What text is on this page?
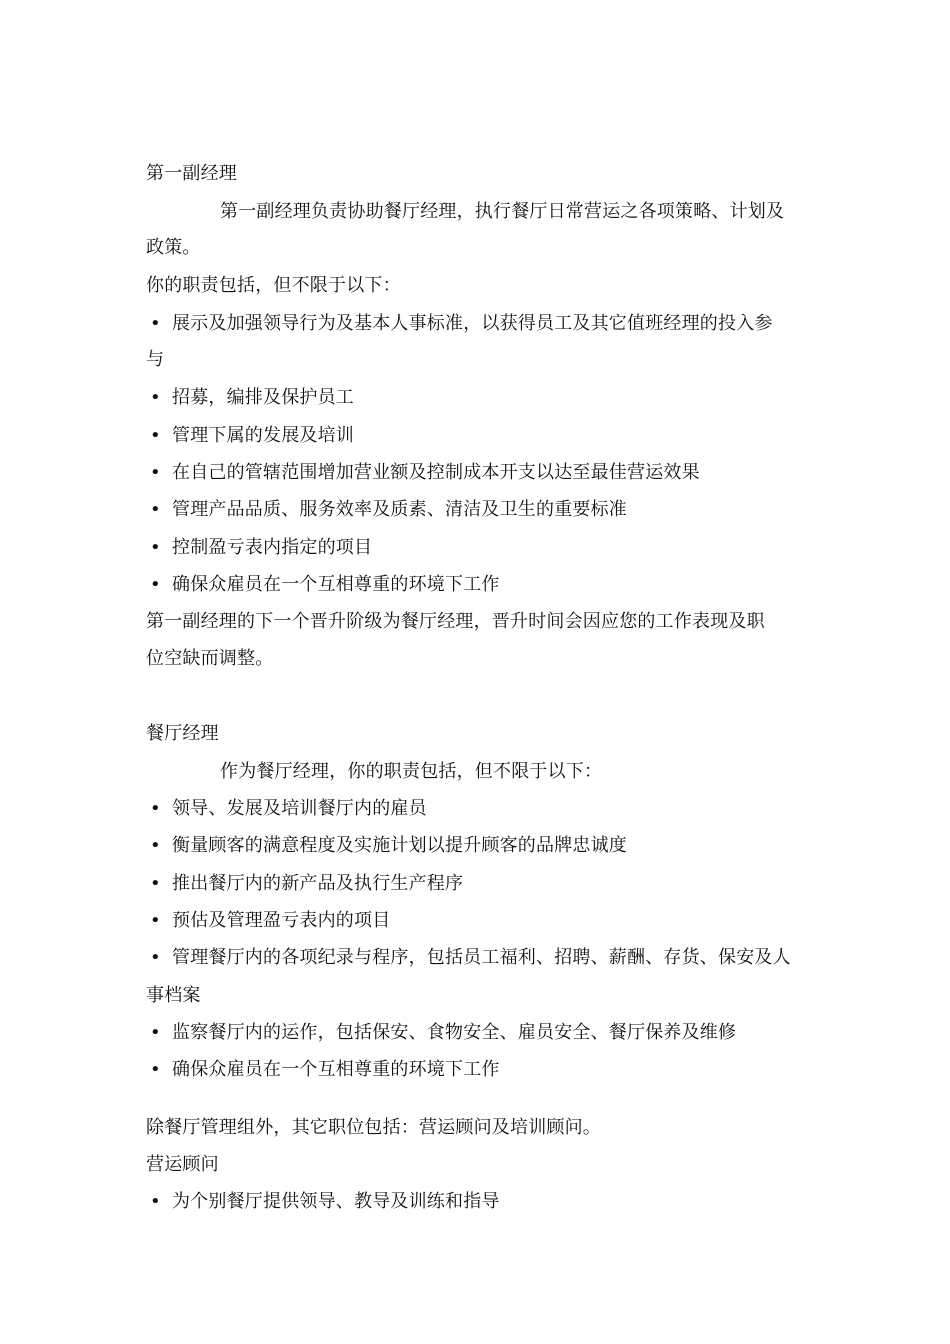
第一副经理
第一副经理负责协助餐厅经理，执行餐厅日常营运之各项策略、计划及
政策。
你的职责包括，但不限于以下：
• 展示及加强领导行为及基本人事标准，以获得员工及其它值班经理的投入参
与
• 招募，编排及保护员工
• 管理下属的发展及培训
• 在自己的管辖范围增加营业额及控制成本开支以达至最佳营运效果
• 管理产品品质、服务效率及质素、清洁及卫生的重要标准
• 控制盈亏表内指定的项目
• 确保众雇员在一个互相尊重的环境下工作
第一副经理的下一个晋升阶级为餐厅经理，晋升时间会因应您的工作表现及职
位空缺而调整。
餐厅经理
作为餐厅经理，你的职责包括，但不限于以下：
• 领导、发展及培训餐厅内的雇员
• 衡量顾客的满意程度及实施计划以提升顾客的品牌忠诚度
• 推出餐厅内的新产品及执行生产程序
• 预估及管理盈亏表内的项目
• 管理餐厅内的各项纪录与程序，包括员工福利、招聘、薪酬、存货、保安及人
事档案
• 监察餐厅内的运作，包括保安、食物安全、雇员安全、餐厅保养及维修
• 确保众雇员在一个互相尊重的环境下工作
除餐厅管理组外，其它职位包括：营运顾问及培训顾问。
营运顾问
• 为个别餐厅提供领导、教导及训练和指导
